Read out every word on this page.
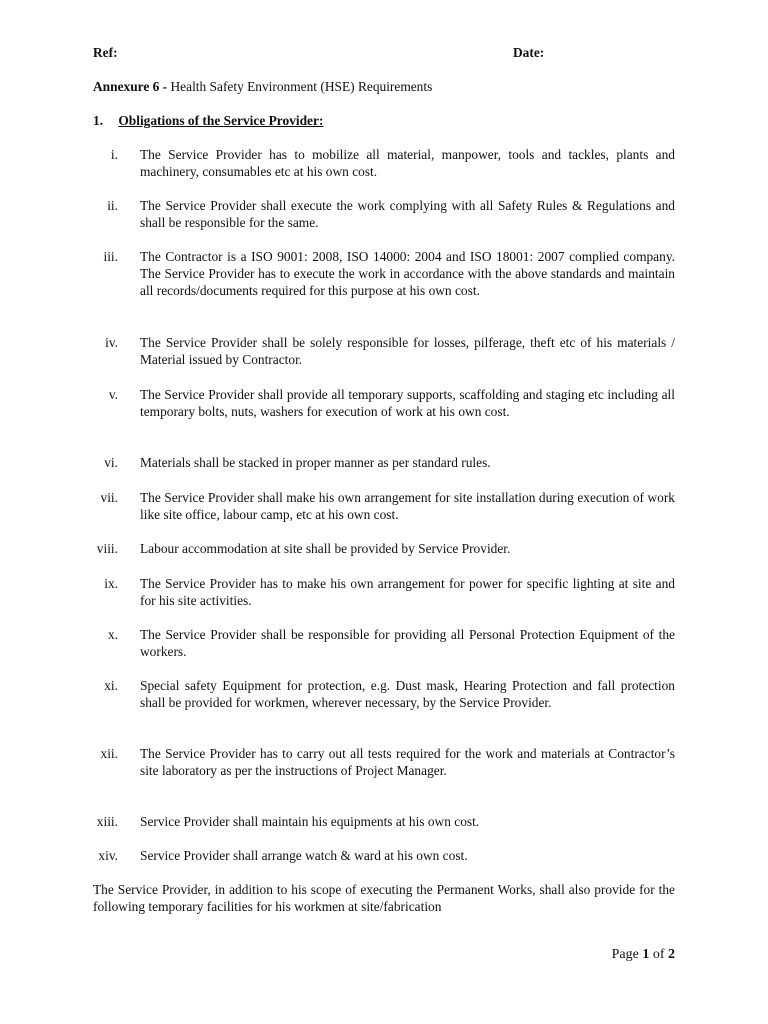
Ref:	Date:
Annexure 6 - Health Safety Environment (HSE) Requirements
1. Obligations of the Service Provider:
i. The Service Provider has to mobilize all material, manpower, tools and tackles, plants and machinery, consumables etc at his own cost.
ii. The Service Provider shall execute the work complying with all Safety Rules & Regulations and shall be responsible for the same.
iii. The Contractor is a ISO 9001: 2008, ISO 14000: 2004 and ISO 18001: 2007 complied company. The Service Provider has to execute the work in accordance with the above standards and maintain all records/documents required for this purpose at his own cost.
iv. The Service Provider shall be solely responsible for losses, pilferage, theft etc of his materials / Material issued by Contractor.
v. The Service Provider shall provide all temporary supports, scaffolding and staging etc including all temporary bolts, nuts, washers for execution of work at his own cost.
vi. Materials shall be stacked in proper manner as per standard rules.
vii. The Service Provider shall make his own arrangement for site installation during execution of work like site office, labour camp, etc at his own cost.
viii. Labour accommodation at site shall be provided by Service Provider.
ix. The Service Provider has to make his own arrangement for power for specific lighting at site and for his site activities.
x. The Service Provider shall be responsible for providing all Personal Protection Equipment of the workers.
xi. Special safety Equipment for protection, e.g. Dust mask, Hearing Protection and fall protection shall be provided for workmen, wherever necessary, by the Service Provider.
xii. The Service Provider has to carry out all tests required for the work and materials at Contractor’s site laboratory as per the instructions of Project Manager.
xiii. Service Provider shall maintain his equipments at his own cost.
xiv. Service Provider shall arrange watch & ward at his own cost.
The Service Provider, in addition to his scope of executing the Permanent Works, shall also provide for the following temporary facilities for his workmen at site/fabrication
Page 1 of 2
